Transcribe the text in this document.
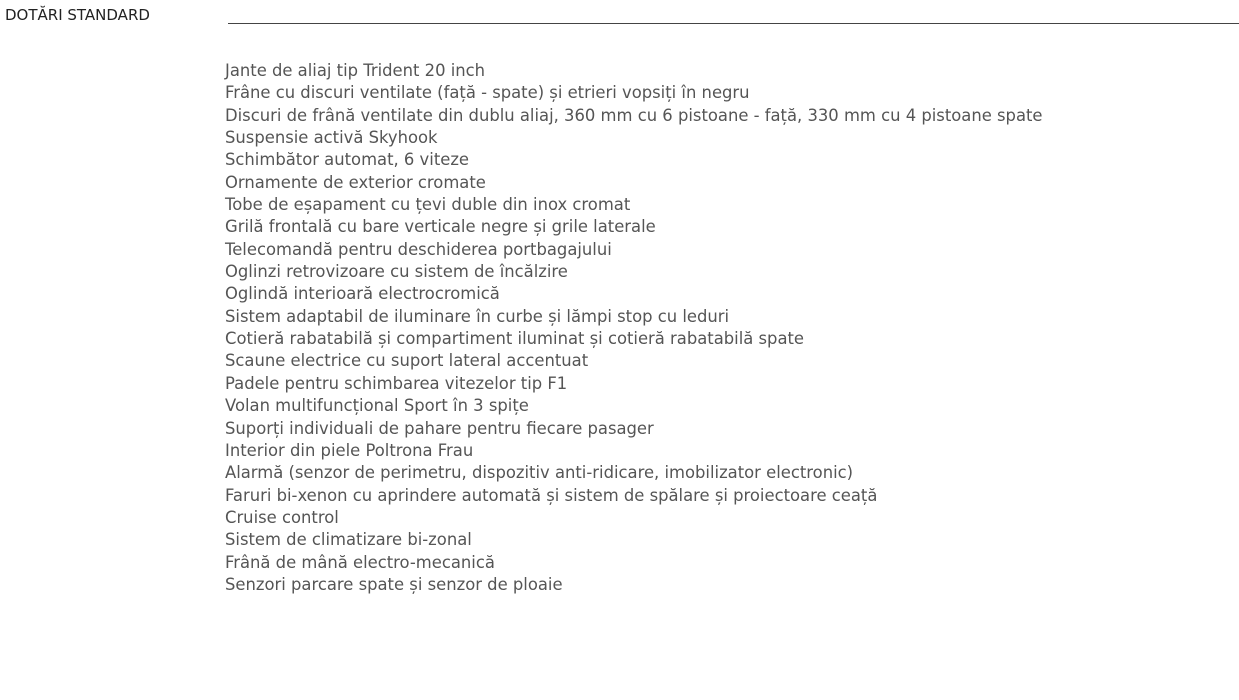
DOTĂRI STANDARD
Jante de aliaj tip Trident 20 inch
Frâne cu discuri ventilate (față - spate) și etrieri vopsiți în negru
Discuri de frână ventilate din dublu aliaj, 360 mm cu 6 pistoane - față, 330 mm cu 4 pistoane spate
Suspensie activă Skyhook
Schimbător automat, 6 viteze
Ornamente de exterior cromate
Tobe de eșapament cu țevi duble din inox cromat
Grilă frontală cu bare verticale negre și grile laterale
Telecomandă pentru deschiderea portbagajului
Oglinzi retrovizoare cu sistem de încălzire
Oglindă interioară electrocromică
Sistem adaptabil de iluminare în curbe și lămpi stop cu leduri
Cotieră rabatabilă și compartiment iluminat și cotieră rabatabilă spate
Scaune electrice cu suport lateral accentuat
Padele pentru schimbarea vitezelor tip F1
Volan multifuncțional Sport în 3 spițe
Suporți individuali de pahare pentru fiecare pasager
Interior din piele Poltrona Frau
Alarmă (senzor de perimetru, dispozitiv anti-ridicare, imobilizator electronic)
Faruri bi-xenon cu aprindere automată și sistem de spălare și proiectoare ceață
Cruise control
Sistem de climatizare bi-zonal
Frână de mână electro-mecanică
Senzori parcare spate și senzor de ploaie
